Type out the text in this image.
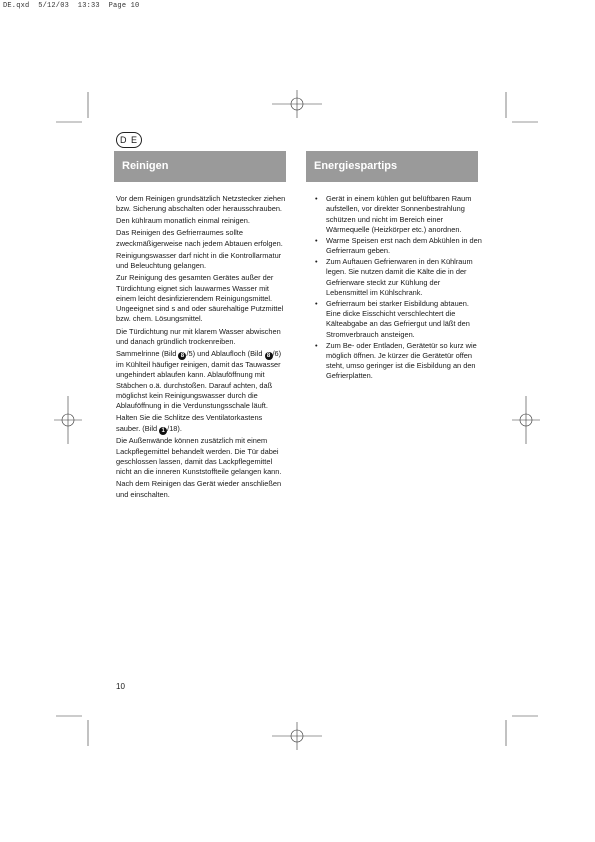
DE.qxd  5/12/03  13:33  Page 10
D E
Reinigen	Energiespartips

Vor dem Reinigen grundsätzlich Netzstecker ziehen bzw. Sicherung abschalten oder herausschrauben.

Den kühlraum monatlich einmal reinigen.

Das Reinigen des Gefrierraumes sollte zweckmäßigerweise nach jedem Abtauen erfolgen.

Reinigungswasser darf nicht in die Kontrollarmatur und Beleuchtung gelangen.

Zur Reinigung des gesamten Gerätes außer der Türdichtung eignet sich lauwarmes Wasser mit einem leicht desinfizierendem Reinigungsmittel. Ungeeignet sind s and oder säurehaltige Putzmittel bzw. chem. Lösungsmittel.

Die Türdichtung nur mit klarem Wasser abwischen und danach gründlich trockenreiben.

Sammelrinne (Bild 8 /5) und Ablaufloch (Bild 8 /6) im Kühlteil häufiger reinigen, damit das Tauwasser ungehindert ablaufen kann. Ablauföffnung mit Stäbchen o.ä. durchstoßen. Darauf achten, daß möglichst kein Reinigungswasser durch die Ablauföffnung in die Verdunstungsschale läuft.

Halten Sie die Schlitze des Ventilatorkastens sauber. (Bild 1 /18).

Die Außenwände können zusätzlich mit einem Lackpflegemittel behandelt werden. Die Tür dabei geschlossen lassen, damit das Lackpflegemittel nicht an die inneren Kunststoffteile gelangen kann.

Nach dem Reinigen das Gerät wieder anschließen und einschalten.

• Gerät in einem kühlen gut belüftbaren Raum aufstellen, vor direkter Sonnenbestrahlung schützen und nicht im Bereich einer Wärmequelle (Heizkörper etc.) anordnen.
• Warme Speisen erst nach dem Abkühlen in den Gefrierraum geben.
• Zum Auftauen Gefrierwaren in den Kühlraum legen. Sie nutzen damit die Kälte die in der Gefrierware steckt zur Kühlung der Lebensmittel im Kühlschrank.
• Gefrierraum bei starker Eisbildung abtauen. Eine dicke Eisschicht verschlechtert die Kälteabgabe an das Gefriergut und läßt den Stromverbrauch ansteigen.
• Zum Be- oder Entladen, Gerätetür so kurz wie möglich öffnen. Je kürzer die Gerätetür offen steht, umso geringer ist die Eisbildung an den Gefrierplatten.
10
